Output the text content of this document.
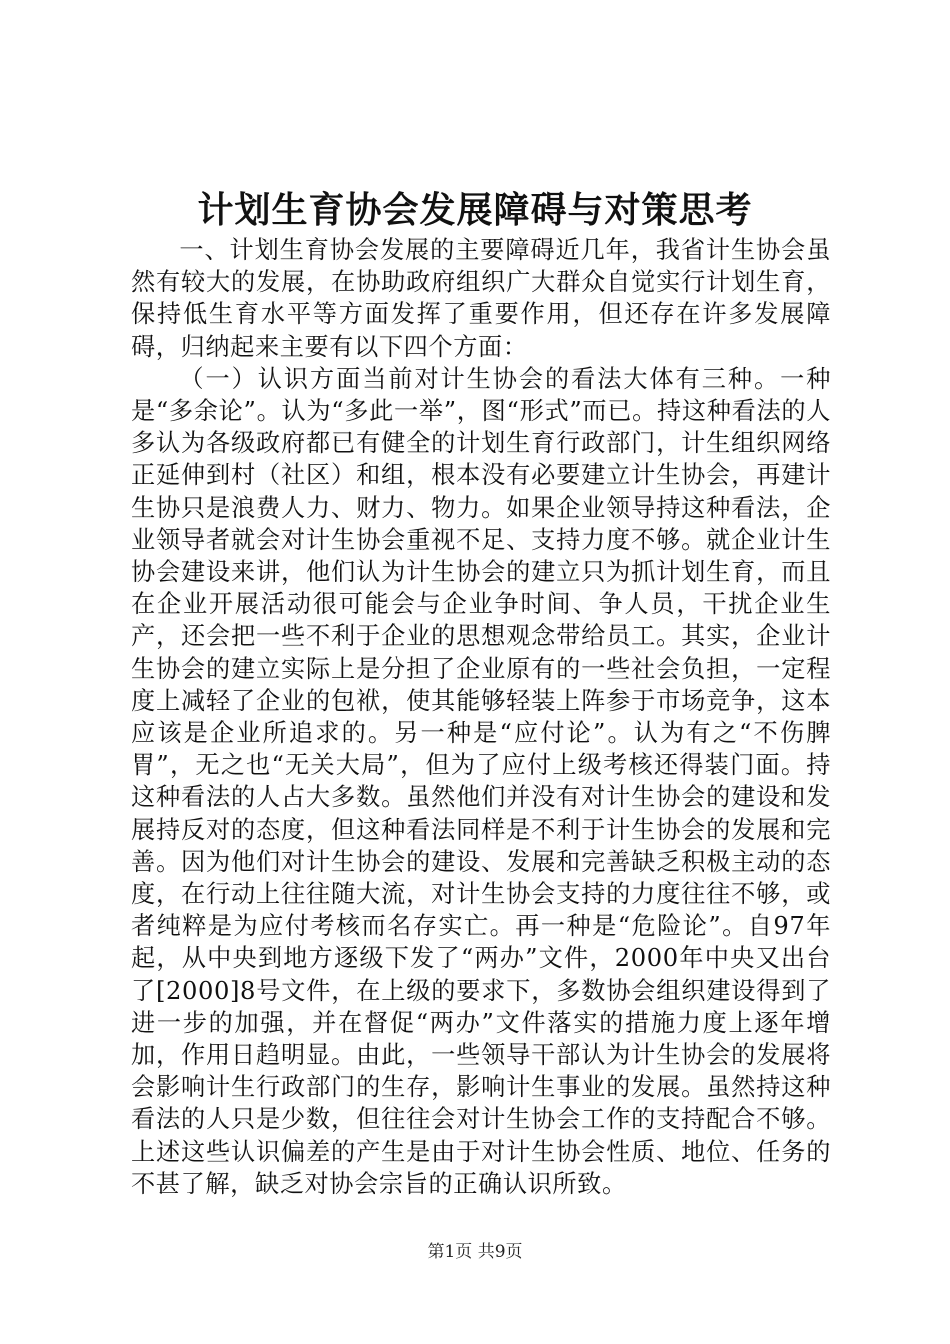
计划生育协会发展障碍与对策思考

一、计划生育协会发展的主要障碍近几年，我省计生协会虽然有较大的发展，在协助政府组织广大群众自觉实行计划生育，保持低生育水平等方面发挥了重要作用，但还存在许多发展障碍，归纳起来主要有以下四个方面：

（一）认识方面当前对计生协会的看法大体有三种。一种是“多余论”。认为“多此一举”，图“形式”而已。持这种看法的人多认为各级政府都已有健全的计划生育行政部门，计生组织网络正延伸到村（社区）和组，根本没有必要建立计生协会，再建计生协只是浪费人力、财力、物力。如果企业领导持这种看法，企业领导者就会对计生协会重视不足、支持力度不够。就企业计生协会建设来讲，他们认为计生协会的建立只为抓计划生育，而且在企业开展活动很可能会与企业争时间、争人员，干扰企业生产，还会把一些不利于企业的思想观念带给员工。其实，企业计生协会的建立实际上是分担了企业原有的一些社会负担，一定程度上减轻了企业的包袱，使其能够轻装上阵参于市场竞争，这本应该是企业所追求的。另一种是“应付论”。认为有之“不伤脾胃”，无之也“无关大局”，但为了应付上级考核还得装门面。持这种看法的人占大多数。虽然他们并没有对计生协会的建设和发展持反对的态度，但这种看法同样是不利于计生协会的发展和完善。因为他们对计生协会的建设、发展和完善缺乏积极主动的态度，在行动上往往随大流，对计生协会支持的力度往往不够，或者纯粹是为应付考核而名存实亡。再一种是“危险论”。自97年起，从中央到地方逐级下发了“两办”文件，2000年中央又出台了[2000]8号文件，在上级的要求下，多数协会组织建设得到了进一步的加强，并在督促“两办”文件落实的措施力度上逐年增加，作用日趋明显。由此，一些领导干部认为计生协会的发展将会影响计生行政部门的生存，影响计生事业的发展。虽然持这种看法的人只是少数，但往往会对计生协会工作的支持配合不够。上述这些认识偏差的产生是由于对计生协会性质、地位、任务的不甚了解，缺乏对协会宗旨的正确认识所致。

第1页 共9页
